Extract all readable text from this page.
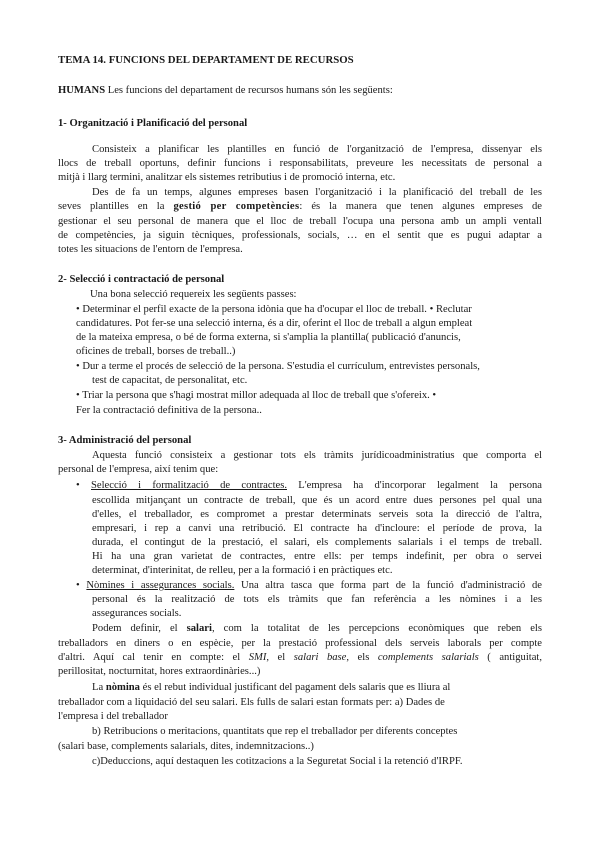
TEMA 14. FUNCIONS DEL DEPARTAMENT DE RECURSOS
HUMANS Les funcions del departament de recursos humans són les següents:
1- Organització i Planificació del personal
Consisteix a planificar les plantilles en funció de l'organització de l'empresa, dissenyar els
llocs de treball oportuns, definir funcions i responsabilitats, preveure les necessitats de personal a
mitjà i llarg termini, analitzar els sistemes retributius i de promoció interna, etc.
Des de fa un temps, algunes empreses basen l'organització i la planificació del treball de les
seves plantilles en la gestió per competències: és la manera que tenen algunes empreses de
gestionar el seu personal de manera que el lloc de treball l'ocupa una persona amb un ampli ventall
de competències, ja siguin tècniques, professionals, socials, … en el sentit que es pugui adaptar a
totes les situacions de l'entorn de l'empresa.
2- Selecció i contractació de personal
Una bona selecció requereix les següents passes:
• Determinar el perfil exacte de la persona idònia que ha d'ocupar el lloc de treball. • Reclutar
candidatures. Pot fer-se una selecció interna, és a dir, oferint el lloc de treball a algun empleat
de la mateixa empresa, o bé de forma externa, si s'amplia la plantilla( publicació d'anuncis,
oficines de treball, borses de treball..)
• Dur a terme el procés de selecció de la persona. S'estudia el currículum, entrevistes personals,
test de capacitat, de personalitat, etc.
• Triar la persona que s'hagi mostrat millor adequada al lloc de treball que s'ofereix. •
Fer la contractació definitiva de la persona..
3- Administració del personal
Aquesta funció consisteix a gestionar tots els tràmits jurídicoadministratius que comporta el
personal de l'empresa, així tenim que:
• Selecció i formalització de contractes. L'empresa ha d'incorporar legalment la persona
escollida mitjançant un contracte de treball, que és un acord entre dues persones pel qual una
d'elles, el treballador, es compromet a prestar determinats serveis sota la direcció de l'altra,
empresari, i rep a canvi una retribució. El contracte ha d'incloure: el període de prova, la
durada, el contingut de la prestació, el salari, els complements salarials i el temps de treball.
Hi ha una gran varietat de contractes, entre ells: per temps indefinit, per obra o servei
determinat, d'interinitat, de relleu, per a la formació i en pràctiques etc.
• Nòmines i assegurances socials. Una altra tasca que forma part de la funció d'administració de
personal és la realització de tots els tràmits que fan referència a les nòmines i a les
assegurances socials.
Podem definir, el salari, com la totalitat de les percepcions econòmiques que reben els
treballadors en diners o en espècie, per la prestació professional dels serveis laborals per compte
d'altri. Aquí cal tenir en compte: el SMI, el salari base, els complements salarials ( antiguitat,
perillositat, nocturnitat, hores extraordinàries...)
La nòmina és el rebut individual justificant del pagament dels salaris que es lliura al
treballador com a liquidació del seu salari. Els fulls de salari estan formats per: a) Dades de
l'empresa i del treballador
b) Retribucions o meritacions, quantitats que rep el treballador per diferents conceptes
(salari base, complements salarials, dites, indemnitzacions..)
c)Deduccions, aquí destaquen les cotitzacions a la Seguretat Social i la retenció d'IRPF.
